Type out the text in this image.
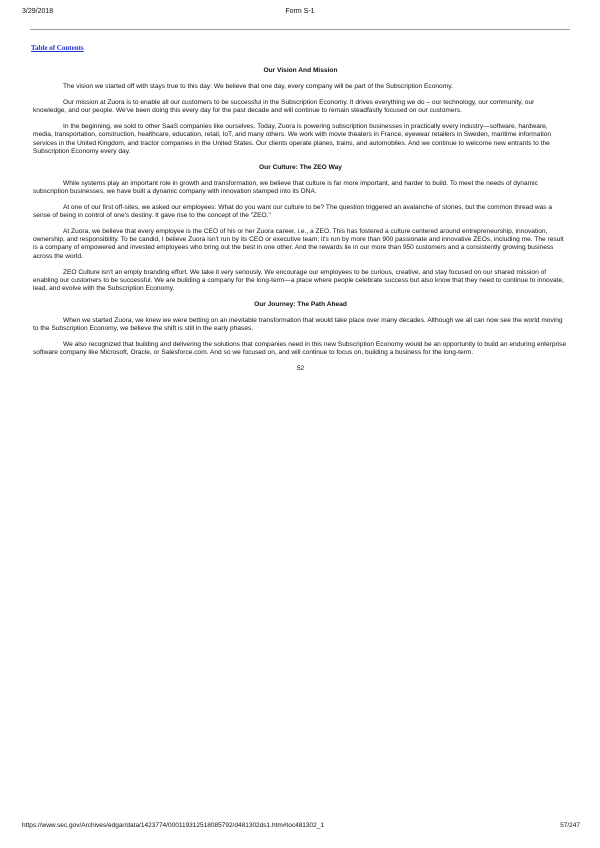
3/29/2018	Form S-1
Table of Contents
Our Vision And Mission

The vision we started off with stays true to this day: We believe that one day, every company will be part of the Subscription Economy.

Our mission at Zuora is to enable all our customers to be successful in the Subscription Economy. It drives everything we do – our technology, our community, our knowledge, and our people. We've been doing this every day for the past decade and will continue to remain steadfastly focused on our customers.

In the beginning, we sold to other SaaS companies like ourselves. Today, Zuora is powering subscription businesses in practically every industry—software, hardware, media, transportation, construction, healthcare, education, retail, IoT, and many others. We work with movie theaters in France, eyewear retailers in Sweden, maritime information services in the United Kingdom, and tractor companies in the United States. Our clients operate planes, trains, and automobiles. And we continue to welcome new entrants to the Subscription Economy every day.

Our Culture: The ZEO Way

While systems play an important role in growth and transformation, we believe that culture is far more important, and harder to build. To meet the needs of dynamic subscription businesses, we have built a dynamic company with innovation stamped into its DNA.

At one of our first off-sites, we asked our employees: What do you want our culture to be? The question triggered an avalanche of stories, but the common thread was a sense of being in control of one's destiny. It gave rise to the concept of the "ZEO."

At Zuora, we believe that every employee is the CEO of his or her Zuora career, i.e., a ZEO. This has fostered a culture centered around entrepreneurship, innovation, ownership, and responsibility. To be candid, I believe Zuora isn't run by its CEO or executive team; it's run by more than 900 passionate and innovative ZEOs, including me. The result is a company of empowered and invested employees who bring out the best in one other. And the rewards lie in our more than 950 customers and a consistently growing business across the world.

ZEO Culture isn't an empty branding effort. We take it very seriously. We encourage our employees to be curious, creative, and stay focused on our shared mission of enabling our customers to be successful. We are building a company for the long-term—a place where people celebrate success but also know that they need to continue to innovate, lead, and evolve with the Subscription Economy.

Our Journey: The Path Ahead

When we started Zuora, we knew we were betting on an inevitable transformation that would take place over many decades. Although we all can now see the world moving to the Subscription Economy, we believe the shift is still in the early phases.

We also recognized that building and delivering the solutions that companies need in this new Subscription Economy would be an opportunity to build an enduring enterprise software company like Microsoft, Oracle, or Salesforce.com. And so we focused on, and will continue to focus on, building a business for the long-term.

52
https://www.sec.gov/Archives/edgar/data/1423774/000119312518085792/d481302ds1.htm#toc481302_1	57/247
